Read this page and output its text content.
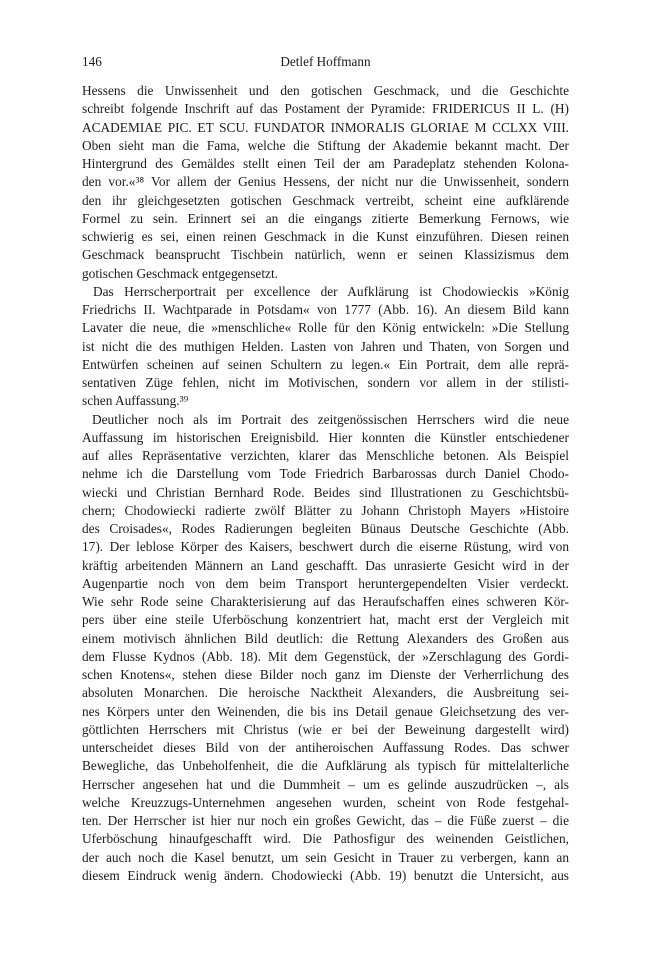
146	Detlef Hoffmann
Hessens die Unwissenheit und den gotischen Geschmack, und die Geschichte
schreibt folgende Inschrift auf das Postament der Pyramide: FRIDERICUS II L. (H)
ACADEMIAE PIC. ET SCU. FUNDATOR INMORALIS GLORIAE M CCLXX VIII.
Oben sieht man die Fama, welche die Stiftung der Akademie bekannt macht. Der
Hintergrund des Gemäldes stellt einen Teil der am Paradeplatz stehenden Kolona-
den vor.«³⁸ Vor allem der Genius Hessens, der nicht nur die Unwissenheit, sondern
den ihr gleichgesetzten gotischen Geschmack vertreibt, scheint eine aufklärende
Formel zu sein. Erinnert sei an die eingangs zitierte Bemerkung Fernows, wie
schwierig es sei, einen reinen Geschmack in die Kunst einzuführen. Diesen reinen
Geschmack beansprucht Tischbein natürlich, wenn er seinen Klassizismus dem
gotischen Geschmack entgegensetzt.
Das Herrscherportrait per excellence der Aufklärung ist Chodowieckis »König
Friedrichs II. Wachtparade in Potsdam« von 1777 (Abb. 16). An diesem Bild kann
Lavater die neue, die »menschliche« Rolle für den König entwickeln: »Die Stellung
ist nicht die des muthigen Helden. Lasten von Jahren und Thaten, von Sorgen und
Entwürfen scheinen auf seinen Schultern zu legen.« Ein Portrait, dem alle reprä-
sentativen Züge fehlen, nicht im Motivischen, sondern vor allem in der stilisti-
schen Auffassung.³⁹
Deutlicher noch als im Portrait des zeitgenössischen Herrschers wird die neue
Auffassung im historischen Ereignisbild. Hier konnten die Künstler entschiedener
auf alles Repräsentative verzichten, klarer das Menschliche betonen. Als Beispiel
nehme ich die Darstellung vom Tode Friedrich Barbarossas durch Daniel Chodo-
wiecki und Christian Bernhard Rode. Beides sind Illustrationen zu Geschichtsbü-
chern; Chodowiecki radierte zwölf Blätter zu Johann Christoph Mayers »Histoire
des Croisades«, Rodes Radierungen begleiten Bünaus Deutsche Geschichte (Abb.
17). Der leblose Körper des Kaisers, beschwert durch die eiserne Rüstung, wird von
kräftig arbeitenden Männern an Land geschafft. Das unrasierte Gesicht wird in der
Augenpartie noch von dem beim Transport heruntergependelten Visier verdeckt.
Wie sehr Rode seine Charakterisierung auf das Heraufschaffen eines schweren Kör-
pers über eine steile Uferböschung konzentriert hat, macht erst der Vergleich mit
einem motivisch ähnlichen Bild deutlich: die Rettung Alexanders des Großen aus
dem Flusse Kydnos (Abb. 18). Mit dem Gegenstück, der »Zerschlagung des Gordi-
schen Knotens«, stehen diese Bilder noch ganz im Dienste der Verherrlichung des
absoluten Monarchen. Die heroische Nacktheit Alexanders, die Ausbreitung sei-
nes Körpers unter den Weinenden, die bis ins Detail genaue Gleichsetzung des ver-
göttlichten Herrschers mit Christus (wie er bei der Beweinung dargestellt wird)
unterscheidet dieses Bild von der antiheroischen Auffassung Rodes. Das schwer
Bewegliche, das Unbeholfenheit, die die Aufklärung als typisch für mittelalterliche
Herrscher angesehen hat und die Dummheit – um es gelinde auszudrücken –, als
welche Kreuzzugs-Unternehmen angesehen wurden, scheint von Rode festgehal-
ten. Der Herrscher ist hier nur noch ein großes Gewicht, das – die Füße zuerst – die
Uferböschung hinaufgeschafft wird. Die Pathosfigur des weinenden Geistlichen,
der auch noch die Kasel benutzt, um sein Gesicht in Trauer zu verbergen, kann an
diesem Eindruck wenig ändern. Chodowiecki (Abb. 19) benutzt die Untersicht, aus
